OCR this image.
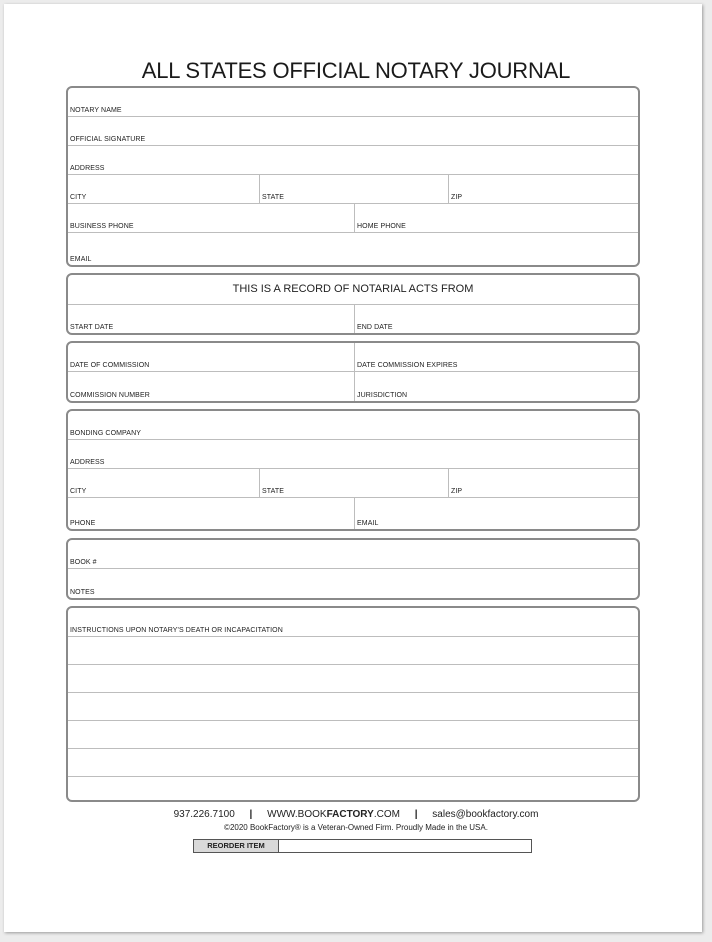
ALL STATES OFFICIAL NOTARY JOURNAL
NOTARY NAME
OFFICIAL SIGNATURE
ADDRESS
CITY	STATE	ZIP
BUSINESS PHONE	HOME PHONE
EMAIL
THIS IS A RECORD OF NOTARIAL ACTS FROM
START DATE	END DATE
DATE OF COMMISSION	DATE COMMISSION EXPIRES
COMMISSION NUMBER	JURISDICTION
BONDING COMPANY
ADDRESS
CITY	STATE	ZIP
PHONE	EMAIL
BOOK #
NOTES
INSTRUCTIONS UPON NOTARY'S DEATH OR INCAPACITATION
937.226.7100 | WWW.BOOKFACTORY.COM | sales@bookfactory.com
©2020 BookFactory® is a Veteran-Owned Firm. Proudly Made in the USA.
REORDER ITEM
